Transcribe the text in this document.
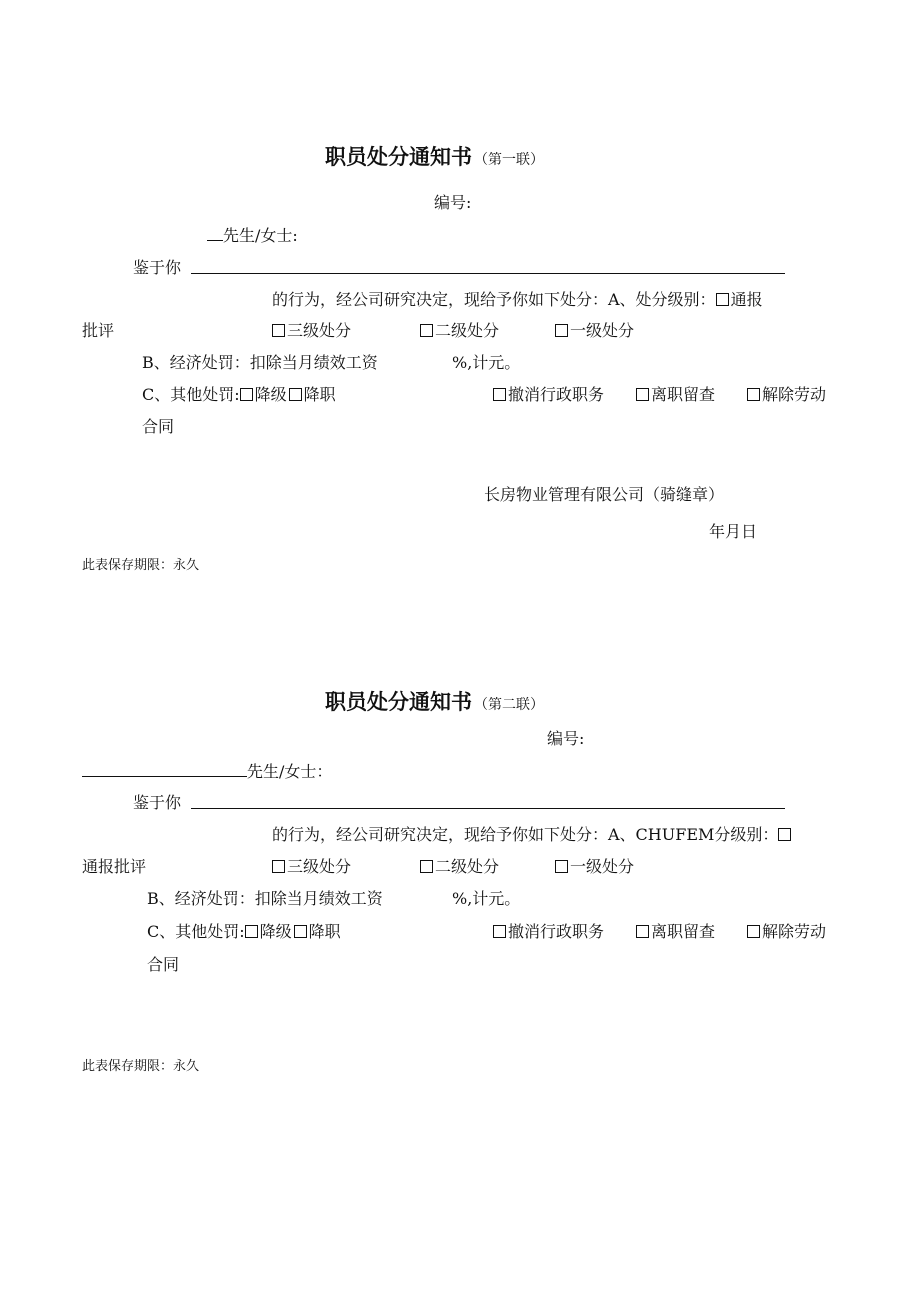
职员处分通知书 （第一联）
编号:
先生/女士:
鉴于你
的行为，经公司研究决定，现给予你如下处分：A、处分级别： 通报
批评	三级处分	二级处分	一级处分
B、经济处罚：扣除当月绩效工资	%,计元。
C、其他处罚: 降级 降职	撤消行政职务	离职留查	解除劳动
合同
长房物业管理有限公司（骑缝章）
年月日
此表保存期限：永久
职员处分通知书 （第二联）
编号:
先生/女士：
鉴于你
的行为，经公司研究决定，现给予你如下处分：A、CHUFEM分级别：
通报批评	三级处分	二级处分	一级处分
B、经济处罚：扣除当月绩效工资	%,计元。
C、其他处罚: 降级 降职	撤消行政职务	离职留查	解除劳动
合同
此表保存期限：永久
